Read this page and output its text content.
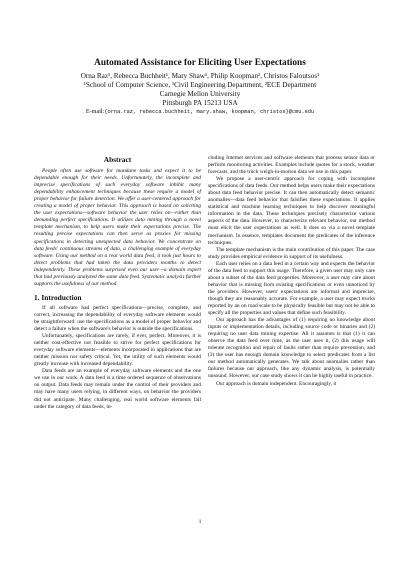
Automated Assistance for Eliciting User Expectations
Orna Raz¹, Rebecca Buchheit¹, Mary Shaw¹, Philip Koopman², Christos Faloutsos¹
¹School of Computer Science, ¹Civil Engineering Department, ²ECE Department
Carnegie Mellon University
Pittsburgh PA 15213 USA
E-mail:{orna.raz, rebecca.buchheit, mary.shaw, koopman, christos}@cmu.edu
Abstract

People often use software for mundane tasks and expect it to be dependable enough for their needs. Unfortunately, the incomplete and imprecise specifications of such everyday software inhibit many dependability enhancement techniques because these require a model of proper behavior for failure detection. We offer a user-centered approach for creating a model of proper behavior. This approach is based on soliciting the user expectations—software behavior the user relies on—rather than demanding perfect specifications. It utilizes data mining through a novel template mechanism, to help users make their expectations precise. The resulting precise expectations can then serve as proxies for missing specifications in detecting unexpected data behavior. We concentrate on data feeds' continuous streams of data, a challenging example of everyday software. Using our method on a real world data feed, it took just hours to detect problems that had taken the data providers months to detect independently. These problems surprised even our user—a domain expert that had previously analyzed the same data feed. Systematic analysis further supports the usefulness of our method.

1. Introduction

If all software had perfect specifications—precise, complete, and correct, increasing the dependability of everyday software elements would be straightforward: use the specifications as a model of proper behavior and detect a failure when the software's behavior is outside the specifications.

Unfortunately, specifications are rarely, if ever, perfect. Moreover, it is neither cost-effective nor feasible to strive for perfect specifications for everyday software elements—elements incorporated in applications that are neither mission nor safety critical. Yet, the utility of such elements would greatly increase with increased dependability.

Data feeds are an example of everyday software elements and the one we use in our work. A data feed is a time ordered sequence of observations on output. Data feeds may remain under the control of their providers and may have many users relying, in different ways, on behavior the providers did not anticipate. Many challenging, real world software elements fall under the category of data feeds, in-

cluding Internet services and software elements that process sensor data or perform monitoring activities. Examples include quotes for a stock, weather forecasts, and the truck weigh-in-motion data we use in this paper.

We propose a user-centric approach for coping with incomplete specifications of data feeds. Our method helps users make their expectations about data feed behavior precise. It can then automatically detect semantic anomalies—data feed behavior that falsifies these expectations. It applies statistical and machine learning techniques to help discover meaningful information in the data. These techniques precisely characterize various aspects of the data. However, to characterize relevant behavior, our method must elicit the user expectations as well. It does so via a novel template mechanism. In essence, templates document the predicates of the inference techniques.

The template mechanism is the main contribution of this paper. The case study provides empirical evidence in support of its usefulness.

Each user relies on a data feed in a certain way and expects the behavior of the data feed to support this usage. Therefore, a given user may only care about a subset of the data feed properties. Moreover, a user may care about behavior that is missing from existing specifications or even unnoticed by the providers. However, users' expectations are informal and imprecise, though they are reasonably accurate. For example, a user may expect trucks reported by an on road scale to be physically feasible but may not be able to specify all the properties and values that define such feasibility.

Our approach has the advantages of (1) requiring no knowledge about inputs or implementation details, including source code or binaries and (2) requiring no user data mining expertise. All it assumes is that (1) it can observe the data feed over time, as the user uses it, (2) this usage will tolerate recognition and repair of faults rather than require prevention, and (3) the user has enough domain knowledge to select predicates from a list our method automatically generates. We talk about anomalies rather than failures because our approach, like any dynamic analysis, is potentially unsound. However, our case study shows it can be highly useful in practice.

Our approach is domain independent. Encouragingly, it

1
